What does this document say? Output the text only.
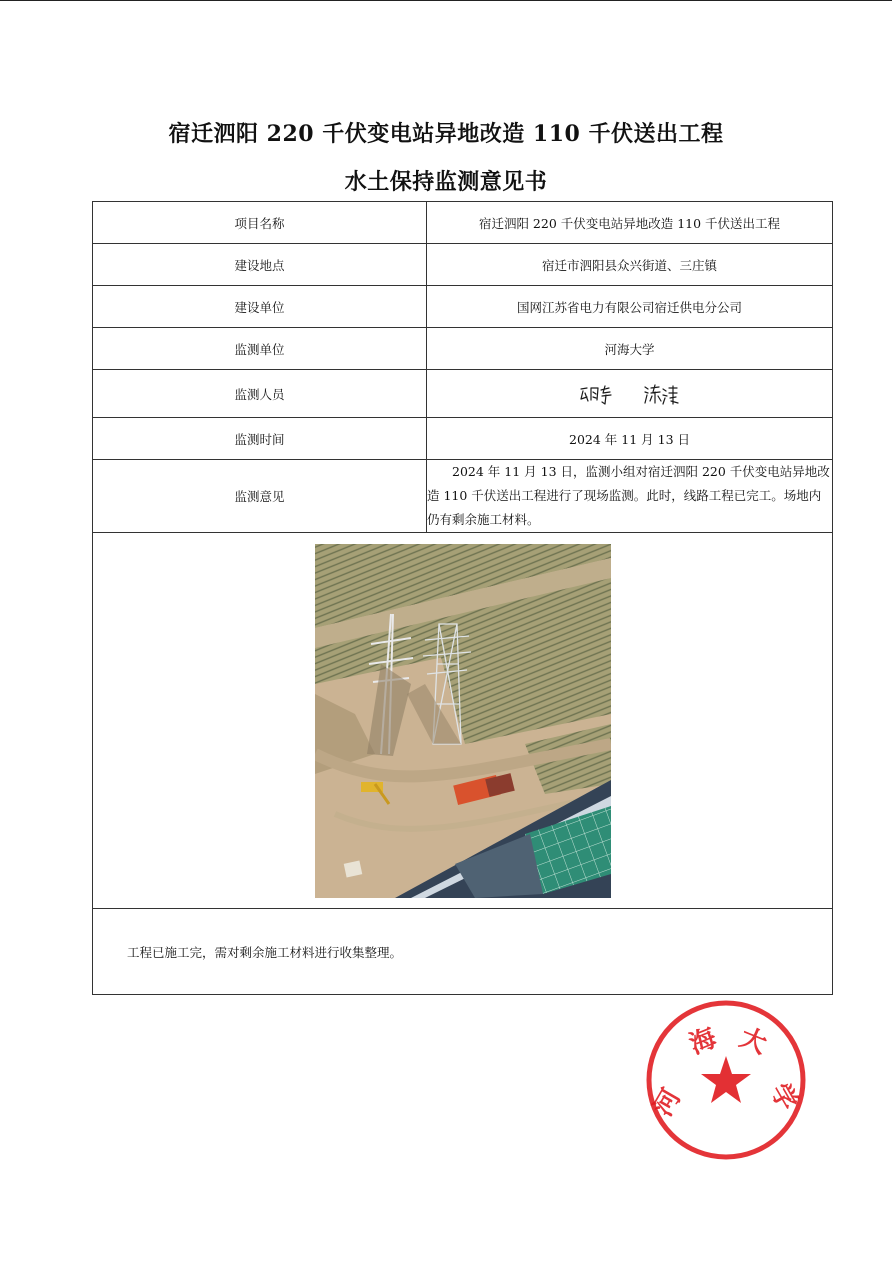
宿迁泗阳 220 千伏变电站异地改造 110 千伏送出工程
水土保持监测意见书
项目名称	宿迁泗阳 220 千伏变电站异地改造 110 千伏送出工程
建设地点	宿迁市泗阳县众兴街道、三庄镇
建设单位	国网江苏省电力有限公司宿迁供电分公司
监测单位	河海大学
监测人员	
监测时间	2024 年 11 月 13 日
监测意见	2024 年 11 月 13 日，监测小组对宿迁泗阳 220 千伏变电站异地改造 110 千伏送出工程进行了现场监测。此时，线路工程已完工。场地内仍有剩余施工材料。

工程已施工完，需对剩余施工材料进行收集整理。	
河
海 大
学
